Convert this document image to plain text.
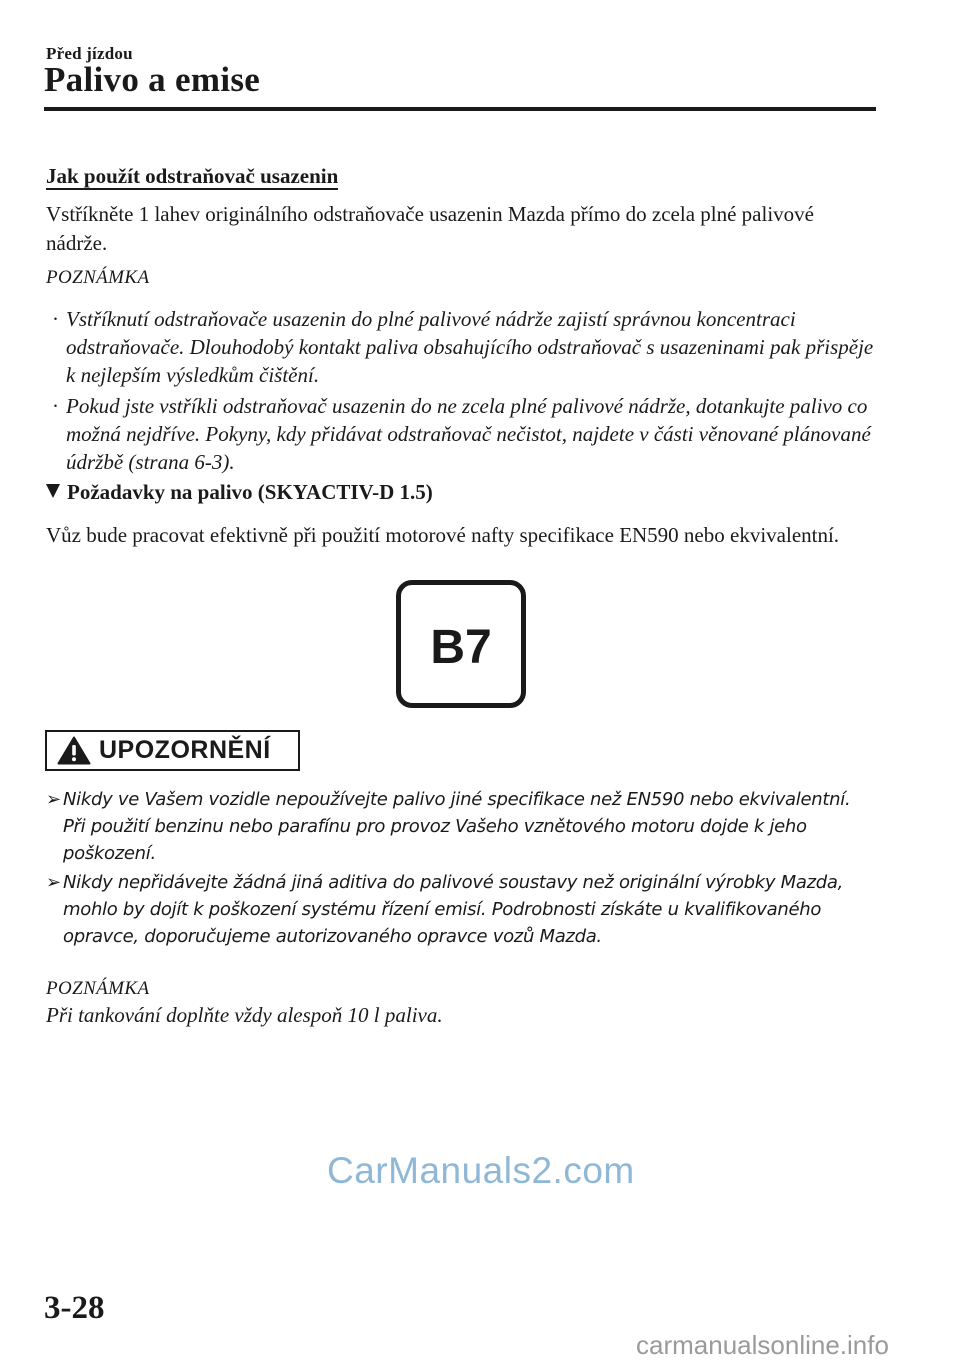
Před jízdou
Palivo a emise
Jak použít odstraňovač usazenin
Vstříkněte 1 lahev originálního odstraňovače usazenin Mazda přímo do zcela plné palivové nádrže.
POZNÁMKA
· Vstříknutí odstraňovače usazenin do plné palivové nádrže zajistí správnou koncentraci odstraňovače. Dlouhodobý kontakt paliva obsahujícího odstraňovač s usazeninami pak přispěje k nejlepším výsledkům čištění.
· Pokud jste vstříkli odstraňovač usazenin do ne zcela plné palivové nádrže, dotankujte palivo co možná nejdříve. Pokyny, kdy přidávat odstraňovač nečistot, najdete v části věnované plánované údržbě (strana 6-3).
Požadavky na palivo (SKYACTIV-D 1.5)
Vůz bude pracovat efektivně při použití motorové nafty specifikace EN590 nebo ekvivalentní.
B7
UPOZORNĚNÍ
➢ Nikdy ve Vašem vozidle nepoužívejte palivo jiné specifikace než EN590 nebo ekvivalentní. Při použití benzinu nebo parafínu pro provoz Vašeho vznětového motoru dojde k jeho poškození.
➢ Nikdy nepřidávejte žádná jiná aditiva do palivové soustavy než originální výrobky Mazda, mohlo by dojít k poškození systému řízení emisí. Podrobnosti získáte u kvalifikovaného opravce, doporučujeme autorizovaného opravce vozů Mazda.
POZNÁMKA
Při tankování doplňte vždy alespoň 10 l paliva.
CarManuals2.com
3-28
carmanualsonline.info
